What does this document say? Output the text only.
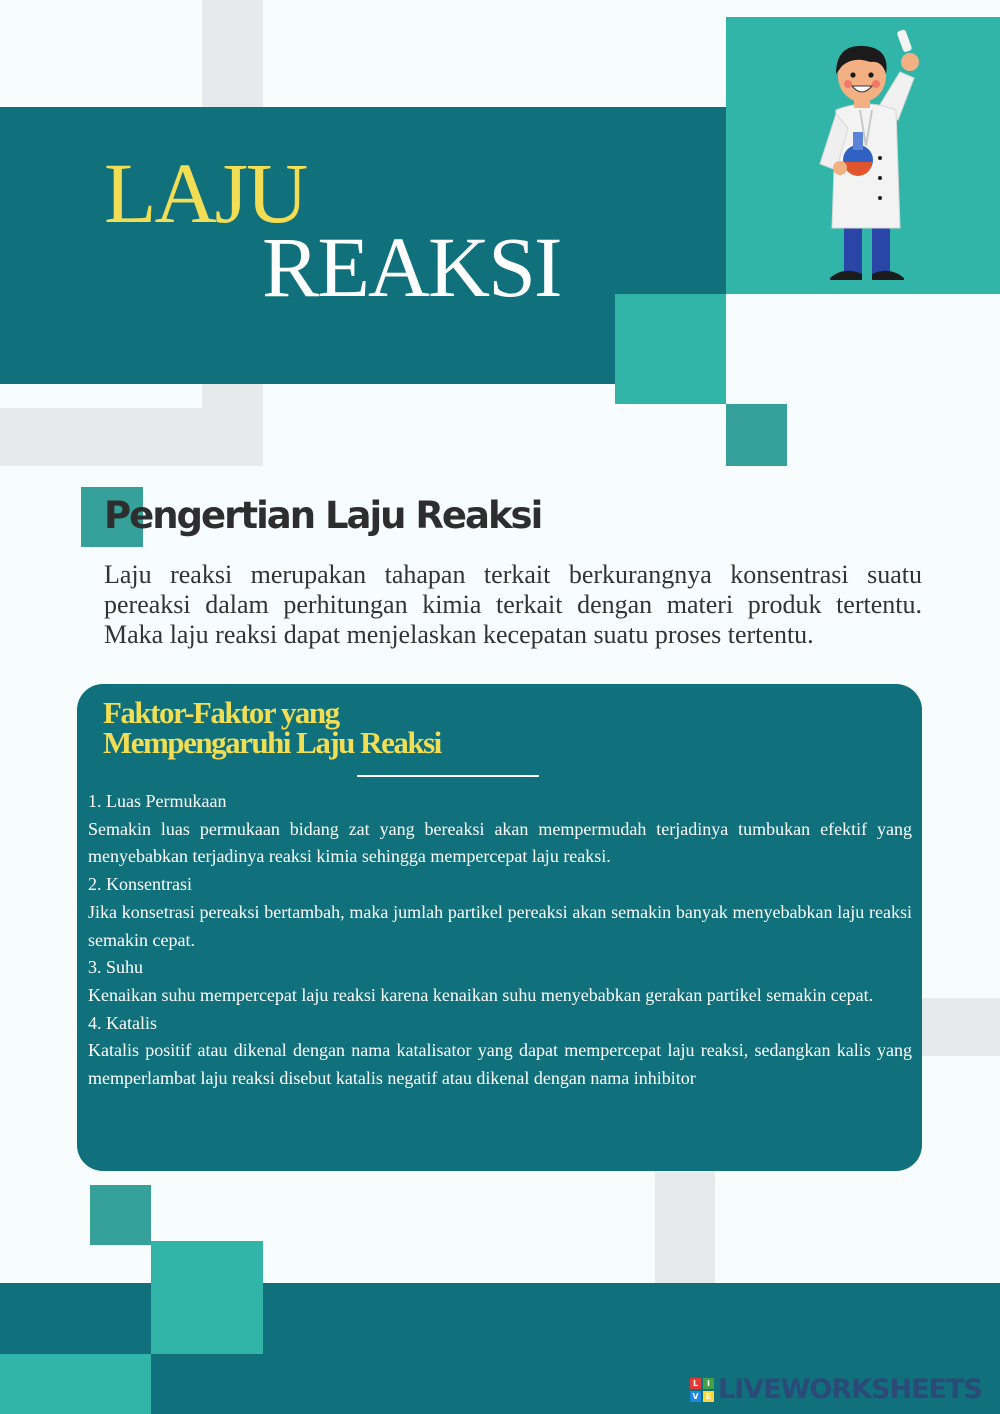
LAJU
REAKSI
Pengertian Laju Reaksi

Laju reaksi merupakan tahapan terkait berkurangnya konsentrasi suatu pereaksi dalam perhitungan kimia terkait dengan materi produk tertentu. Maka laju reaksi dapat menjelaskan kecepatan suatu proses tertentu.

Faktor-Faktor yang
Mempengaruhi Laju Reaksi
1. Luas Permukaan

Semakin luas permukaan bidang zat yang bereaksi akan mempermudah terjadinya tumbukan efektif yang menyebabkan terjadinya reaksi kimia sehingga mempercepat laju reaksi.

2. Konsentrasi

Jika konsetrasi pereaksi bertambah, maka jumlah partikel pereaksi akan semakin banyak menyebabkan laju reaksi semakin cepat.

3. Suhu

Kenaikan suhu mempercepat laju reaksi karena kenaikan suhu menyebabkan gerakan partikel semakin cepat.

4. Katalis

Katalis positif atau dikenal dengan nama katalisator yang dapat mempercepat laju reaksi, sedangkan kalis yang memperlambat laju reaksi disebut katalis negatif atau dikenal dengan nama inhibitor

L	I
V E LIVEWORKSHEETS
